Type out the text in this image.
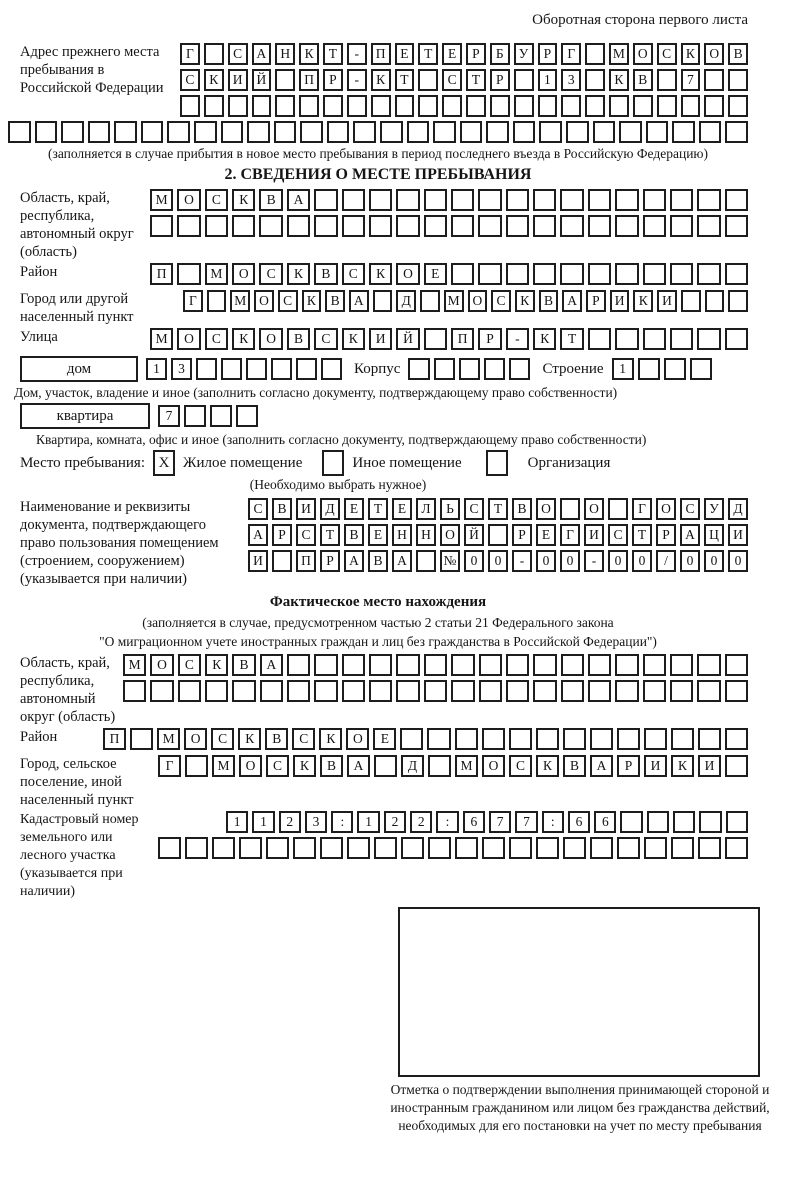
Оборотная сторона первого листа
Адрес прежнего места пребывания в Российской Федерации
Г	С	А	Н	К	Т	-	П	Е	Т	Е	Р	Б	У	Р	Г	М О	С	К	О	В
С	К	И	Й	П	Р	-	К	Т	С	Т	Р	1	3	К	В	7
(заполняется в случае прибытия в новое место пребывания в период последнего въезда в Российскую Федерацию)
2. СВЕДЕНИЯ О МЕСТЕ ПРЕБЫВАНИЯ
Область, край, республика, автономный округ (область)
М	О	С	К	В	А
Район	П	М	О	С	К	В	С	К	О	Е
Город или другой населенный пункт
Г	М О	С	К	В	А	Д	М О	С	К	В	А	Р	И	К	И
Улица	М	О	С	К	О	В	С	К	И	Й	П	Р	-	К	Т
дом	1	3	Корпус	Строение	1
Дом, участок, владение и иное (заполнить согласно документу, подтверждающему право собственности)
квартира	7
Квартира, комната, офис и иное (заполнить согласно документу, подтверждающему право собственности)
Место пребывания: X Жилое помещение	Иное помещение	Организация
(Необходимо выбрать нужное)
Наименование и реквизиты документа, подтверждающего право пользования помещением (строением, сооружением) (указывается при наличии)
С	В	И	Д	Е	Т	Е	Л	Ь	С	Т	В	О	О	Г	О	С	У	Д
А	Р	С	Т	В	Е	Н	Н	О	Й	Р	Е	Г	И	С	Т	Р	А	Ц	И
И	П	Р	А	В	А	№	0	0	-	0	0	-	0	0	/	0	0	0
Фактическое место нахождения
(заполняется в случае, предусмотренном частью 2 статьи 21 Федерального закона
"О миграционном учете иностранных граждан и лиц без гражданства в Российской Федерации")
Область, край, республика, автономный округ (область)
М	О	С	К	В	А
Район	П	М	О	С	К	В	С	К	О	Е
Город, сельское поселение, иной населенный пункт
Г	М	О	С	К	В	А	Д	М	О	С	К	В	А	Р	И	К	И
Кадастровый номер земельного или лесного участка (указывается при наличии)
1	1	2	3	:	1	2	2	:	6	7	7	:	6	6
Отметка о подтверждении выполнения принимающей стороной и иностранным гражданином или лицом без гражданства действий, необходимых для его постановки на учет по месту пребывания
